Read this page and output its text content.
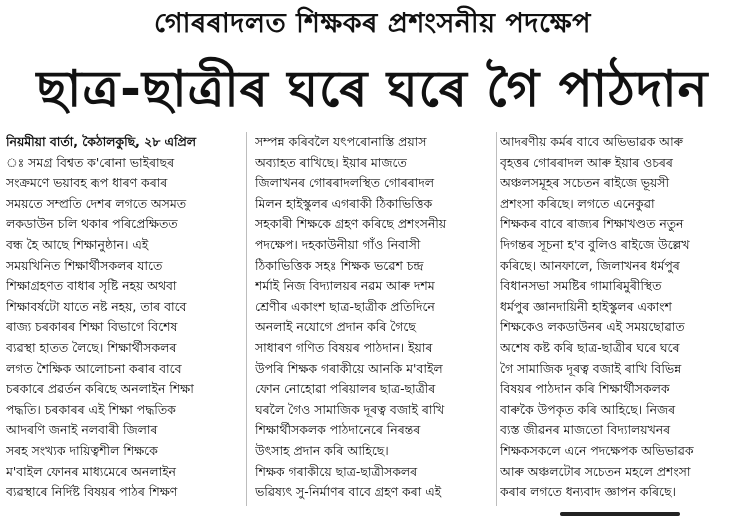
গোৰৰাদলত শিক্ষকৰ প্ৰশংসনীয় পদক্ষেপ
ছাত্ৰ-ছাত্ৰীৰ ঘৰে ঘৰে গৈ পাঠদান
নিয়মীয়া বাৰ্তা, কৈঠালকুছি, ২৮ এপ্ৰিল
ঃ সমগ্ৰ বিশ্বত ক'ৰোনা ভাইৰাছৰ
সংক্ৰমণে ভয়াবহ ৰূপ ধাৰণ কৰাৰ
সময়তে সম্প্ৰতি দেশৰ লগতে অসমত
লকডাউন চলি থকাৰ পৰিপ্ৰেক্ষিতত
বন্ধ হৈ আছে শিক্ষানুষ্ঠান। এই
সময়খিনিত শিক্ষাৰ্থীসকলৰ যাতে
শিক্ষাগ্ৰহণত বাধাৰ সৃষ্টি নহয় অথবা
শিক্ষাবৰ্ষটো যাতে নষ্ট নহয়, তাৰ বাবে
ৰাজ্য চৰকাৰৰ শিক্ষা বিভাগে বিশেষ
ব্যৱস্থা হাতত লৈছে। শিক্ষাৰ্থীসকলৰ
লগত শৈক্ষিক আলোচনা কৰাৰ বাবে
চৰকাৰে প্ৰৱৰ্তন কৰিছে অনলাইন শিক্ষা
পদ্ধতি। চৰকাৰৰ এই শিক্ষা পদ্ধতিক
আদৰণি জনাই নলবাৰী জিলাৰ
সৰহ সংখ্যক দায়িত্বশীল শিক্ষকে
ম'বাইল ফোনৰ মাধ্যমেৰে অনলাইন
ব্যৱস্থাৰে নিৰ্দিষ্ট বিষয়ৰ পাঠৰ শিক্ষণ
সম্পন্ন কৰিবলৈ যৎপৰোনাস্তি প্ৰয়াস
অব্যাহত ৰাখিছে। ইয়াৰ মাজতে
জিলাখনৰ গোৰৰাদলস্থিত গোৰৰাদল
মিলন হাইস্কুলৰ এগৰাকী ঠিকাভিত্তিক
সহকাৰী শিক্ষকে গ্ৰহণ কৰিছে প্ৰশংসনীয়
পদক্ষেপ। দহকাউনীয়া গাঁও নিবাসী
ঠিকাভিত্তিক সহঃ শিক্ষক ভৱেশ চন্দ্ৰ
শৰ্মাই নিজ বিদ্যালয়ৰ নৱম আৰু দশম
শ্ৰেণীৰ একাংশ ছাত্ৰ-ছাত্ৰীক প্ৰতিদিনে
অনলাই নযোগে প্ৰদান কৰি গৈছে
সাধাৰণ গণিত বিষয়ৰ পাঠদান। ইয়াৰ
উপৰি শিক্ষক গৰাকীয়ে আনকি ম'বাইল
ফোন নোহোৱা পৰিয়ালৰ ছাত্ৰ-ছাত্ৰীৰ
ঘৰলৈ গৈও সামাজিক দূৰত্ব বজাই ৰাখি
শিক্ষাৰ্থীসকলক পাঠদানেৰে নিৰন্তৰ
উৎসাহ প্ৰদান কৰি আহিছে।
শিক্ষক গৰাকীয়ে ছাত্ৰ-ছাত্ৰীসকলৰ
ভৱিষ্যৎ সু-নিৰ্মাণৰ বাবে গ্ৰহণ কৰা এই
আদৰণীয় কৰ্মৰ বাবে অভিভাৱক আৰু
বৃহত্তৰ গোৰৰাদল আৰু ইয়াৰ ওচৰৰ
অঞ্চলসমূহৰ সচেতন ৰাইজে ভূয়সী
প্ৰশংসা কৰিছে। লগতে এনেকুৱা
শিক্ষকৰ বাবে ৰাজ্যৰ শিক্ষাখণ্ডত নতুন
দিগন্তৰ সূচনা হ'ব বুলিও ৰাইজে উল্লেখ
কৰিছে। আনফালে, জিলাখনৰ ধৰ্মপুৰ
বিধানসভা সমষ্টিৰ গামাৰিমুৰীস্থিত
ধৰ্মপুৰ জ্ঞানদায়িনী হাইস্কুলৰ একাংশ
শিক্ষকেও লকডাউনৰ এই সময়ছোৱাত
অশেষ কষ্ট কৰি ছাত্ৰ-ছাত্ৰীৰ ঘৰে ঘৰে
গৈ সামাজিক দূৰত্ব বজাই ৰাখি বিভিন্ন
বিষয়ৰ পাঠদান কৰি শিক্ষাৰ্থীসকলক
বাৰুকৈ উপকৃত কৰি আহিছে। নিজৰ
ব্যস্ত জীৱনৰ মাজতো বিদ্যালয়খনৰ
শিক্ষকসকলে এনে পদক্ষেপক অভিভাৱক
আৰু অঞ্চলটোৰ সচেতন মহলে প্ৰশংসা
কৰাৰ লগতে ধন্যবাদ জ্ঞাপন কৰিছে।
